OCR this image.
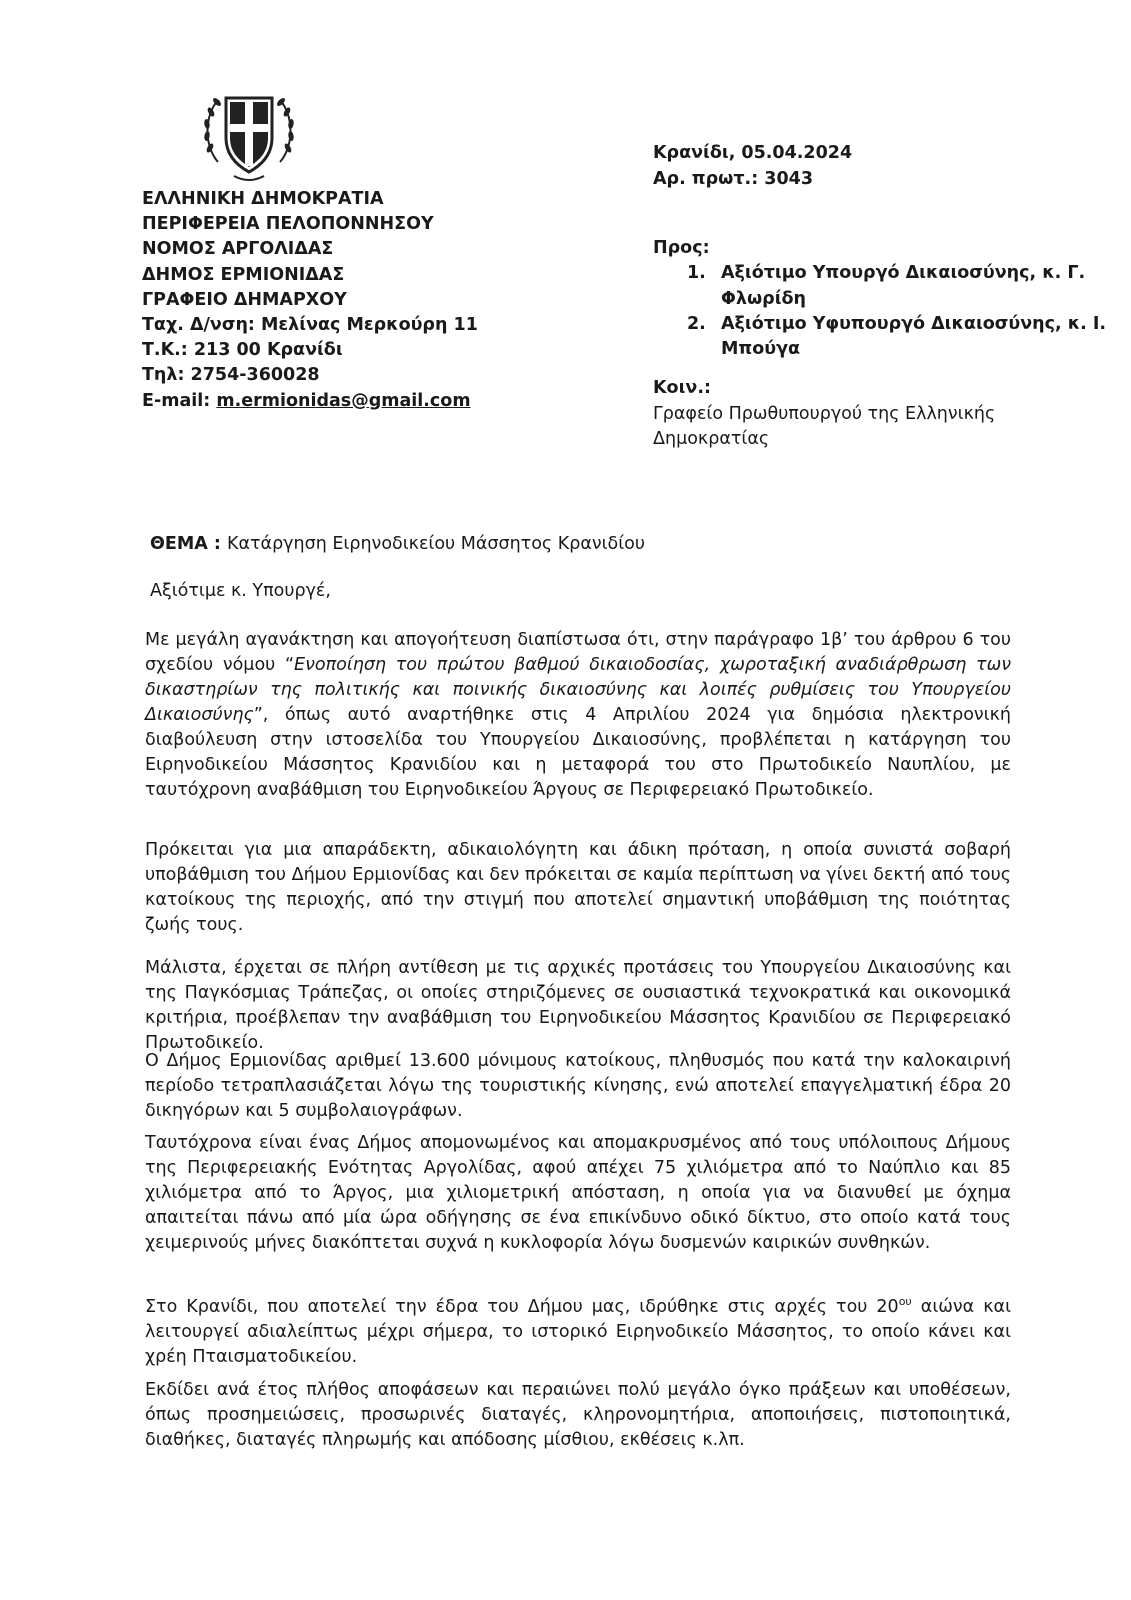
ΕΛΛΗΝΙΚΗ ΔΗΜΟΚΡΑΤΙΑ
ΠΕΡΙΦΕΡΕΙΑ ΠΕΛΟΠΟΝΝΗΣΟΥ
ΝΟΜΟΣ ΑΡΓΟΛΙΔΑΣ
ΔΗΜΟΣ ΕΡΜΙΟΝΙΔΑΣ
ΓΡΑΦΕΙΟ ΔΗΜΑΡΧΟΥ
Ταχ. Δ/νση: Μελίνας Μερκούρη 11
Τ.Κ.: 213 00 Κρανίδι
Τηλ: 2754-360028
E-mail: m.ermionidas@gmail.com
Κρανίδι, 05.04.2024
Αρ. πρωτ.: 3043
Προς:
1. Αξιότιμο Υπουργό Δικαιοσύνης, κ. Γ. Φλωρίδη
2. Αξιότιμο Υφυπουργό Δικαιοσύνης, κ. Ι. Μπούγα
Κοιν.:
Γραφείο Πρωθυπουργού της Ελληνικής Δημοκρατίας
ΘΕΜΑ : Κατάργηση Ειρηνοδικείου Μάσσητος Κρανιδίου
Αξιότιμε κ. Υπουργέ,

Με μεγάλη αγανάκτηση και απογοήτευση διαπίστωσα ότι, στην παράγραφο 1β’ του άρθρου 6 του σχεδίου νόμου “Ενοποίηση του πρώτου βαθμού δικαιοδοσίας, χωροταξική αναδιάρθρωση των δικαστηρίων της πολιτικής και ποινικής δικαιοσύνης και λοιπές ρυθμίσεις του Υπουργείου Δικαιοσύνης”, όπως αυτό αναρτήθηκε στις 4 Απριλίου 2024 για δημόσια ηλεκτρονική διαβούλευση στην ιστοσελίδα του Υπουργείου Δικαιοσύνης, προβλέπεται η κατάργηση του Ειρηνοδικείου Μάσσητος Κρανιδίου και η μεταφορά του στο Πρωτοδικείο Ναυπλίου, με ταυτόχρονη αναβάθμιση του Ειρηνοδικείου Άργους σε Περιφερειακό Πρωτοδικείο.

Πρόκειται για μια απαράδεκτη, αδικαιολόγητη και άδικη πρόταση, η οποία συνιστά σοβαρή υποβάθμιση του Δήμου Ερμιονίδας και δεν πρόκειται σε καμία περίπτωση να γίνει δεκτή από τους κατοίκους της περιοχής, από την στιγμή που αποτελεί σημαντική υποβάθμιση της ποιότητας ζωής τους.

Μάλιστα, έρχεται σε πλήρη αντίθεση με τις αρχικές προτάσεις του Υπουργείου Δικαιοσύνης και της Παγκόσμιας Τράπεζας, οι οποίες στηριζόμενες σε ουσιαστικά τεχνοκρατικά και οικονομικά κριτήρια, προέβλεπαν την αναβάθμιση του Ειρηνοδικείου Μάσσητος Κρανιδίου σε Περιφερειακό Πρωτοδικείο.

Ο Δήμος Ερμιονίδας αριθμεί 13.600 μόνιμους κατοίκους, πληθυσμός που κατά την καλοκαιρινή περίοδο τετραπλασιάζεται λόγω της τουριστικής κίνησης, ενώ αποτελεί επαγγελματική έδρα 20 δικηγόρων και 5 συμβολαιογράφων.

Ταυτόχρονα είναι ένας Δήμος απομονωμένος και απομακρυσμένος από τους υπόλοιπους Δήμους της Περιφερειακής Ενότητας Αργολίδας, αφού απέχει 75 χιλιόμετρα από το Ναύπλιο και 85 χιλιόμετρα από το Άργος, μια χιλιομετρική απόσταση, η οποία για να διανυθεί με όχημα απαιτείται πάνω από μία ώρα οδήγησης σε ένα επικίνδυνο οδικό δίκτυο, στο οποίο κατά τους χειμερινούς μήνες διακόπτεται συχνά η κυκλοφορία λόγω δυσμενών καιρικών συνθηκών.

Στο Κρανίδι, που αποτελεί την έδρα του Δήμου μας, ιδρύθηκε στις αρχές του $20^{o\upsilon}$ αιώνα και λειτουργεί αδιαλείπτως μέχρι σήμερα, το ιστορικό Ειρηνοδικείο Μάσσητος, το οποίο κάνει και χρέη Πταισματοδικείου.

Εκδίδει ανά έτος πλήθος αποφάσεων και περαιώνει πολύ μεγάλο όγκο πράξεων και υποθέσεων, όπως προσημειώσεις, προσωρινές διαταγές, κληρονομητήρια, αποποιήσεις, πιστοποιητικά, διαθήκες, διαταγές πληρωμής και απόδοσης μίσθιου, εκθέσεις κ.λπ.
